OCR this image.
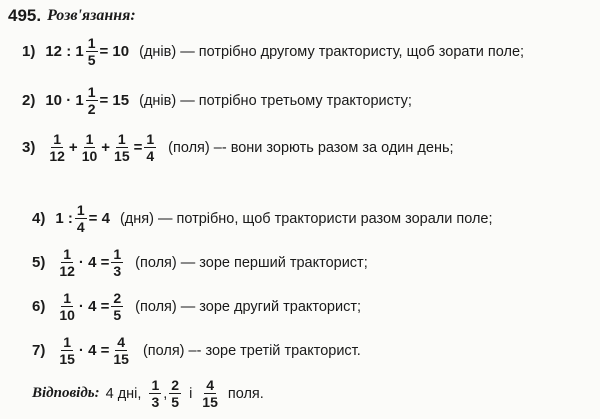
495. Розв'язання:
1) 12 : $1 \frac{1}{5} = 10$ (днів) — потрібно другому трактористу, щоб зорати поле;
2) $10 \cdot 1 \frac{1}{2} = 15$ (днів) — потрібно третьому трактористу;
$3) \frac{1}{12} + \frac{1}{10} + \frac{1}{15} = \frac{1}{4}$ (поля) –- вони зорють разом за один день;
4) 1 : $\frac{1}{4} = 4$ (дня) — потрібно, щоб трактористи разом зорали поле;
$5) \frac{1}{12} \cdot 4 = \frac{1}{3}$ (поля) — зоре перший тракторист;
$6) \frac{1}{10} \cdot 4 = \frac{2}{5}$ (поля) — зоре другий тракторист;
$7) \frac{1}{15} \cdot 4 = \frac{4}{15}$ (поля) –- зоре третій тракторист.
Відповідь: 4 дні, $\frac{1}{3}$ , $\frac{2}{5}$ і $\frac{4}{15}$ поля.
